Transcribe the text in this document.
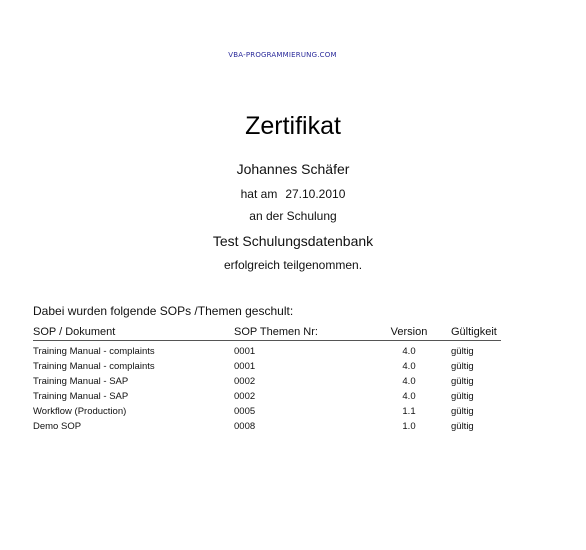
VBA-PROGRAMMIERUNG.COM
Zertifikat
Johannes Schäfer
hat am 27.10.2010
an der Schulung
Test Schulungsdatenbank
erfolgreich teilgenommen.
Dabei wurden folgende SOPs /Themen geschult:
SOP / Dokument	SOP Themen Nr:	Version	Gültigkeit
Training Manual - complaints	0001	4.0	gültig
Training Manual - complaints	0001	4.0	gültig
Training Manual - SAP	0002	4.0	gültig
Training Manual - SAP	0002	4.0	gültig
Workflow (Production)	0005	1.1	gültig
Demo SOP	0008	1.0	gültig
